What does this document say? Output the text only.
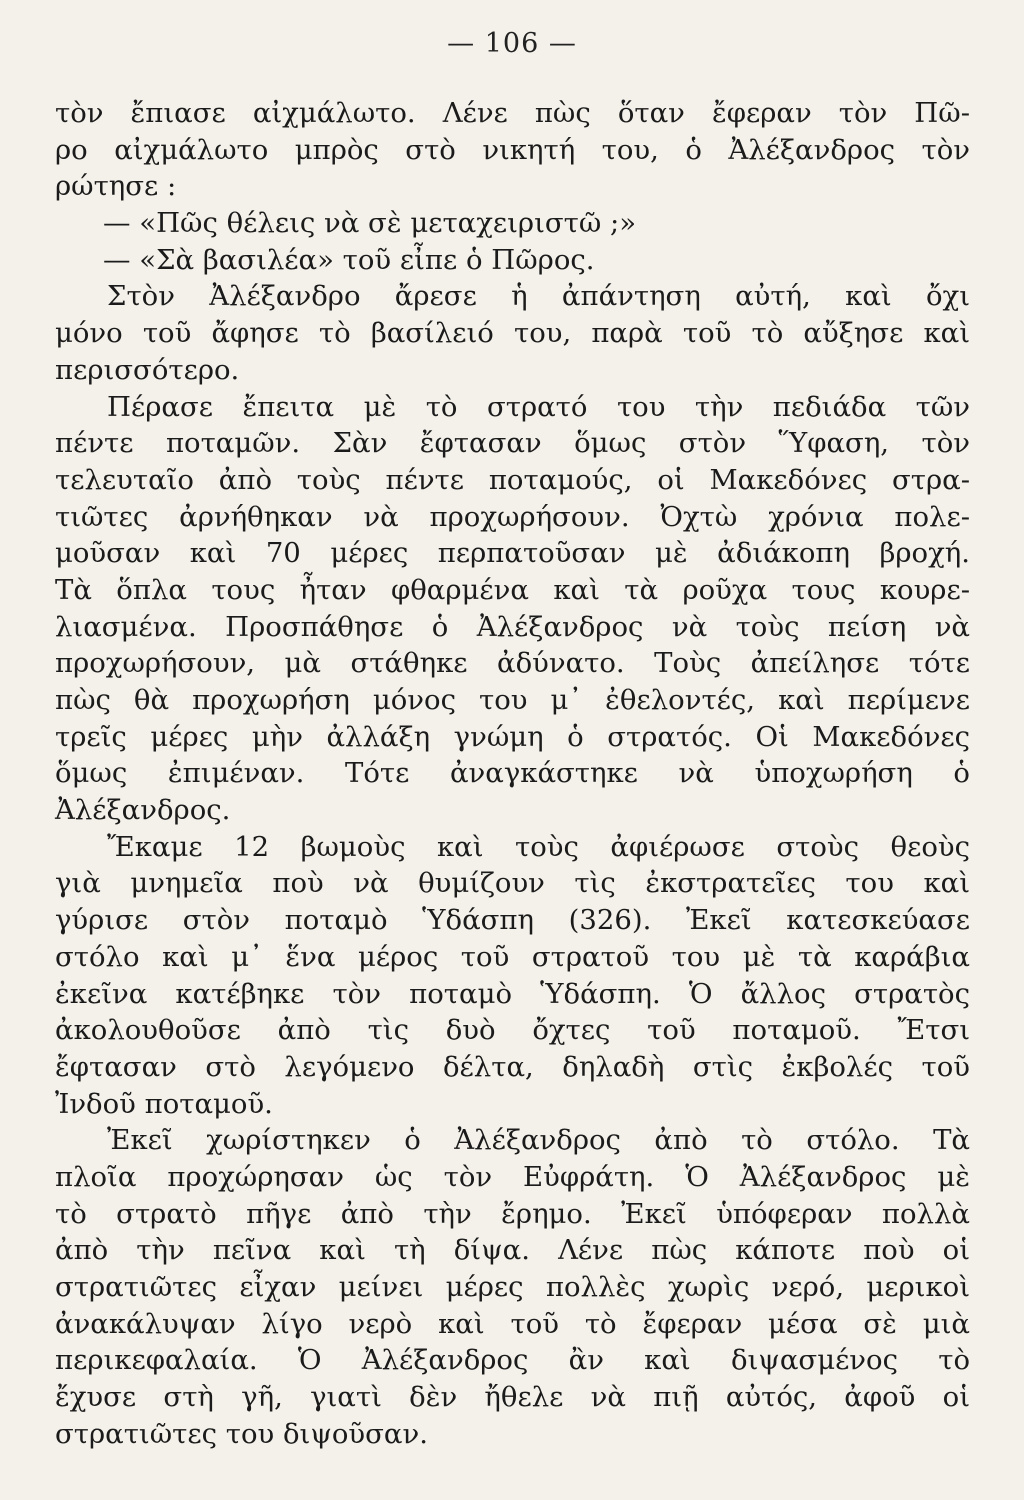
— 106 —
τὸν ἔπιασε αἰχμάλωτο. Λένε πὼς ὅταν ἔφεραν τὸν Πῶ-
ρο αἰχμάλωτο μπρὸς στὸ νικητή του, ὁ Ἀλέξανδρος τὸν
ρώτησε :
— «Πῶς θέλεις νὰ σὲ μεταχειριστῶ ;»
— «Σὰ βασιλέα» τοῦ εἶπε ὁ Πῶρος.
Στὸν Ἀλέξανδρο ἄρεσε ἡ ἀπάντηση αὐτή, καὶ ὄχι
μόνο τοῦ ἄφησε τὸ βασίλειό του, παρὰ τοῦ τὸ αὔξησε καὶ
περισσότερο.
Πέρασε ἔπειτα μὲ τὸ στρατό του τὴν πεδιάδα τῶν
πέντε ποταμῶν. Σὰν ἔφτασαν ὅμως στὸν Ὕφαση, τὸν
τελευταῖο ἀπὸ τοὺς πέντε ποταμούς, οἱ Μακεδόνες στρα-
τιῶτες ἀρνήθηκαν νὰ προχωρήσουν. Ὀχτὼ χρόνια πολε-
μοῦσαν καὶ 70 μέρες περπατοῦσαν μὲ ἀδιάκοπη βροχή.
Τὰ ὅπλα τους ἦταν φθαρμένα καὶ τὰ ροῦχα τους κουρε-
λιασμένα. Προσπάθησε ὁ Ἀλέξανδρος νὰ τοὺς πείση νὰ
προχωρήσουν, μὰ στάθηκε ἀδύνατο. Τοὺς ἀπείλησε τότε
πὼς θὰ προχωρήση μόνος του μ᾽ ἐθελοντές, καὶ περίμενε
τρεῖς μέρες μὴν ἀλλάξη γνώμη ὁ στρατός. Οἱ Μακεδόνες
ὅμως ἐπιμέναν. Τότε ἀναγκάστηκε νὰ ὑποχωρήση ὁ
Ἀλέξανδρος.
Ἔκαμε 12 βωμοὺς καὶ τοὺς ἀφιέρωσε στοὺς θεοὺς
γιὰ μνημεῖα ποὺ νὰ θυμίζουν τὶς ἐκστρατεῖες του καὶ
γύρισε στὸν ποταμὸ Ὑδάσπη (326). Ἐκεῖ κατεσκεύασε
στόλο καὶ μ᾽ ἕνα μέρος τοῦ στρατοῦ του μὲ τὰ καράβια
ἐκεῖνα κατέβηκε τὸν ποταμὸ Ὑδάσπη. Ὁ ἄλλος στρατὸς
ἀκολουθοῦσε ἀπὸ τὶς δυὸ ὄχτες τοῦ ποταμοῦ. Ἔτσι
ἔφτασαν στὸ λεγόμενο δέλτα, δηλαδὴ στὶς ἐκβολές τοῦ
Ἰνδοῦ ποταμοῦ.
Ἐκεῖ χωρίστηκεν ὁ Ἀλέξανδρος ἀπὸ τὸ στόλο. Τὰ
πλοῖα προχώρησαν ὡς τὸν Εὐφράτη. Ὁ Ἀλέξανδρος μὲ
τὸ στρατὸ πῆγε ἀπὸ τὴν ἔρημο. Ἐκεῖ ὑπόφεραν πολλὰ
ἀπὸ τὴν πεῖνα καὶ τὴ δίψα. Λένε πὼς κάποτε ποὺ οἱ
στρατιῶτες εἶχαν μείνει μέρες πολλὲς χωρὶς νερό, μερικοὶ
ἀνακάλυψαν λίγο νερὸ καὶ τοῦ τὸ ἔφεραν μέσα σὲ μιὰ
περικεφαλαία. Ὁ Ἀλέξανδρος ἂν καὶ διψασμένος τὸ
ἔχυσε στὴ γῆ, γιατὶ δὲν ἤθελε νὰ πιῇ αὐτός, ἀφοῦ οἱ
στρατιῶτες του διψοῦσαν.
